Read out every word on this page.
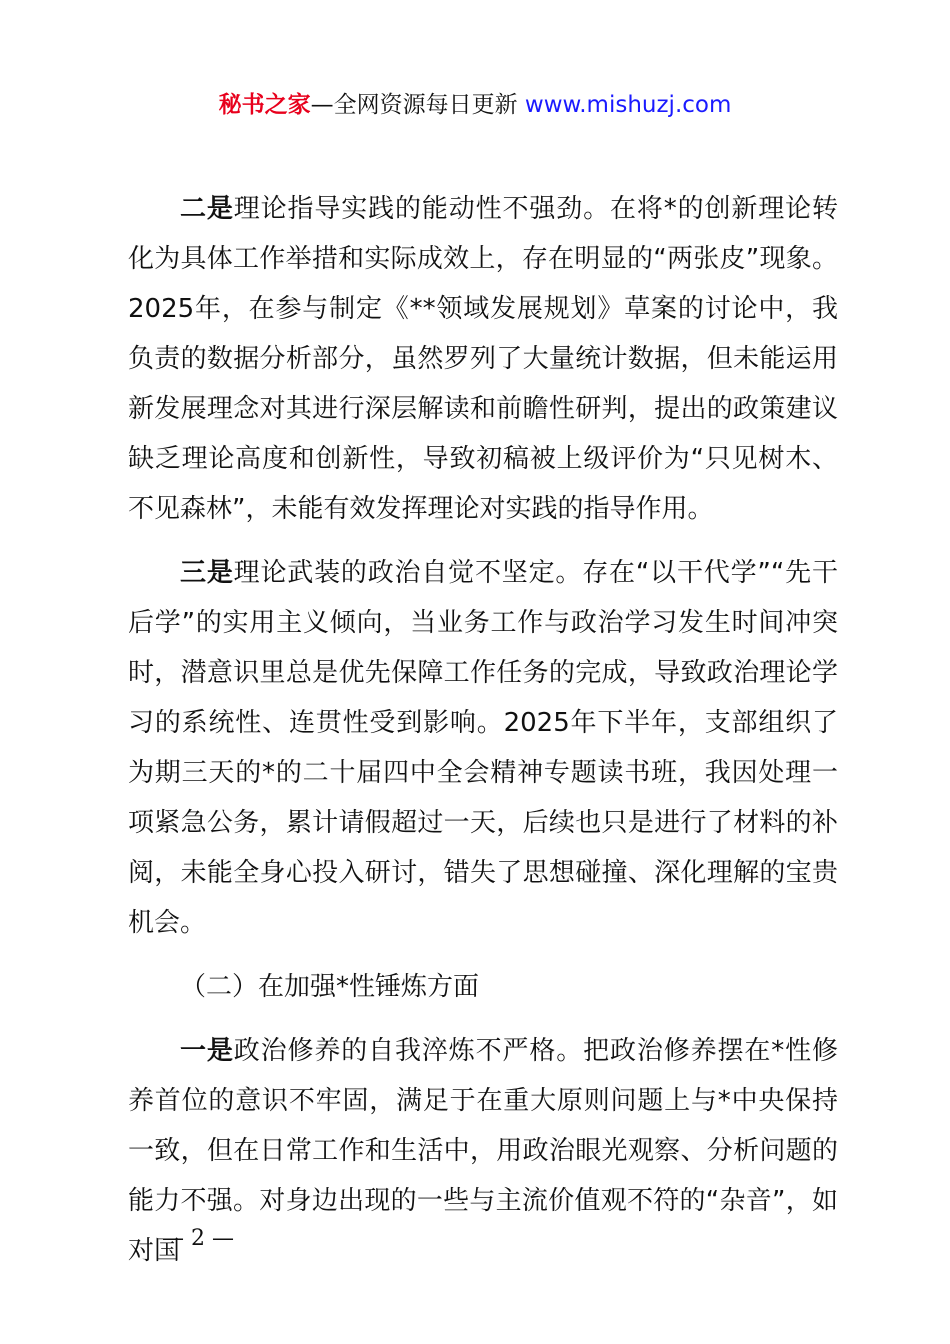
秘书之家—全网资源每日更新 www.mishuzj.com

二是理论指导实践的能动性不强劲。在将*的创新理论转化为具体工作举措和实际成效上，存在明显的“两张皮”现象。2025年，在参与制定《**领域发展规划》草案的讨论中，我负责的数据分析部分，虽然罗列了大量统计数据，但未能运用新发展理念对其进行深层解读和前瞻性研判，提出的政策建议缺乏理论高度和创新性，导致初稿被上级评价为“只见树木、不见森林”，未能有效发挥理论对实践的指导作用。

三是理论武装的政治自觉不坚定。存在“以干代学”“先干后学”的实用主义倾向，当业务工作与政治学习发生时间冲突时，潜意识里总是优先保障工作任务的完成，导致政治理论学习的系统性、连贯性受到影响。2025年下半年，支部组织了为期三天的*的二十届四中全会精神专题读书班，我因处理一项紧急公务，累计请假超过一天，后续也只是进行了材料的补阅，未能全身心投入研讨，错失了思想碰撞、深化理解的宝贵机会。

（二）在加强*性锤炼方面

一是政治修养的自我淬炼不严格。把政治修养摆在*性修养首位的意识不牢固，满足于在重大原则问题上与*中央保持一致，但在日常工作和生活中，用政治眼光观察、分析问题的能力不强。对身边出现的一些与主流价值观不符的“杂音”，如对国

— 2 —
